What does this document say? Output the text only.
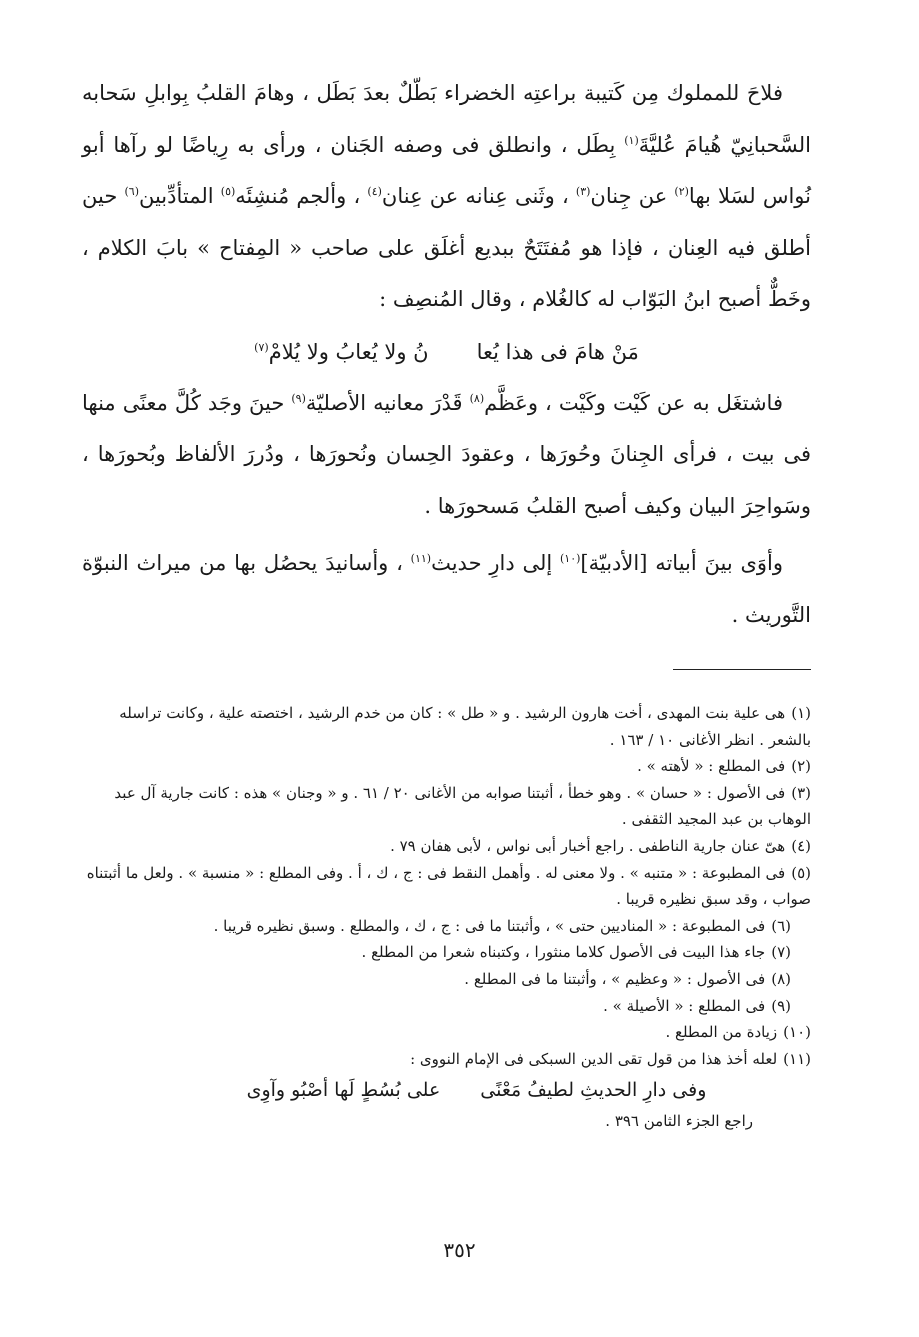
فلاحَ للمملوك مِن كَتيبة براعتِه الخضراء بَطّلٌ بعدَ بَطَل ، وهامَ القلبُ بِوابلِ سَحابه السَّحبانِيّ هُيامَ عُليَّةَ$^{(١)}$ بِطَل ، وانطلق فى وصفه الجَنان ، ورأى به رِياضًا لو رآها أبو نُواس لسَلا بها$^{(٢)}$ عن جِنان$^{(٣)}$ ، وثَنى عِنانه عن عِنان$^{(٤)}$ ، وألجم مُنشِئَه$^{(٥)}$ المتأدِّبين$^{(٦)}$ حين أطلق فيه العِنان ، فإذا هو مُفتَتَحٌ ببديع أغلَق على صاحب « المِفتاح » بابَ الكلام ، وخَطٌّ أصبح ابنُ البَوّاب له كالغُلام ، وقال المُنصِف :

مَنْ هامَ فى هذا يُعا
نُ ولا يُعابُ ولا يُلامْ$^{(٧)}$

فاشتغَل به عن كَيْت وكَيْت ، وعَظَّم$^{(٨)}$ قَدْرَ معانيه الأصليّة$^{(٩)}$ حينَ وجَد كُلَّ معنًى منها فى بيت ، فرأى الجِنانَ وحُورَها ، وعقودَ الحِسان ونُحورَها ، ودُررَ الألفاظ وبُحورَها ، وسَواحِرَ البيان وكيف أصبح القلبُ مَسحورَها .

وأوَى بينَ أبياته [الأدبيّة]$^{(١٠)}$ إلى دارِ حديث$^{(١١)}$ ، وأسانيدَ يحصُل بها من ميراث النبوّة التَّوريث .

(١)هى علية بنت المهدى ، أخت هارون الرشيد . و « طل » : كان من خدم الرشيد ، اختصته علية ، وكانت تراسله بالشعر . انظر الأغانى ١٠ / ١٦٣ .

(٢)فى المطلع : « لأهته » .

(٣)فى الأصول : « حسان » . وهو خطأ ، أثبتنا صوابه من الأغانى ٢٠ / ٦١ . و « وجنان » هذه : كانت جارية آل عبد الوهاب بن عبد المجيد الثقفى .

(٤)هىّ عنان جارية الناطفى . راجع أخبار أبى نواس ، لأبى هفان ٧٩ .

(٥)فى المطبوعة : « متنبه » . ولا معنى له . وأهمل النقط فى : ج ، ك ، أ . وفى المطلع : « منسبة » . ولعل ما أثبتناه صواب ، وقد سبق نظيره قريبا .

(٦)فى المطبوعة : « المناديين حتى » ، وأثبتنا ما فى : ج ، ك ، والمطلع . وسبق نظيره قريبا .

(٧)جاء هذا البيت فى الأصول كلاما منثورا ، وكتبناه شعرا من المطلع .

(٨)فى الأصول : « وعظيم » ، وأثبتنا ما فى المطلع .

(٩)فى المطلع : « الأصيلة » .

(١٠)زيادة من المطلع .

(١١)لعله أخذ هذا من قول تقى الدين السبكى فى الإمام النووى :

وفى دارِ الحديثِ لطيفُ مَعْنًى
على بُسُطٍ لَها أصْبُو وآوِى
راجع الجزء الثامن ٣٩٦ .
٣٥٢
